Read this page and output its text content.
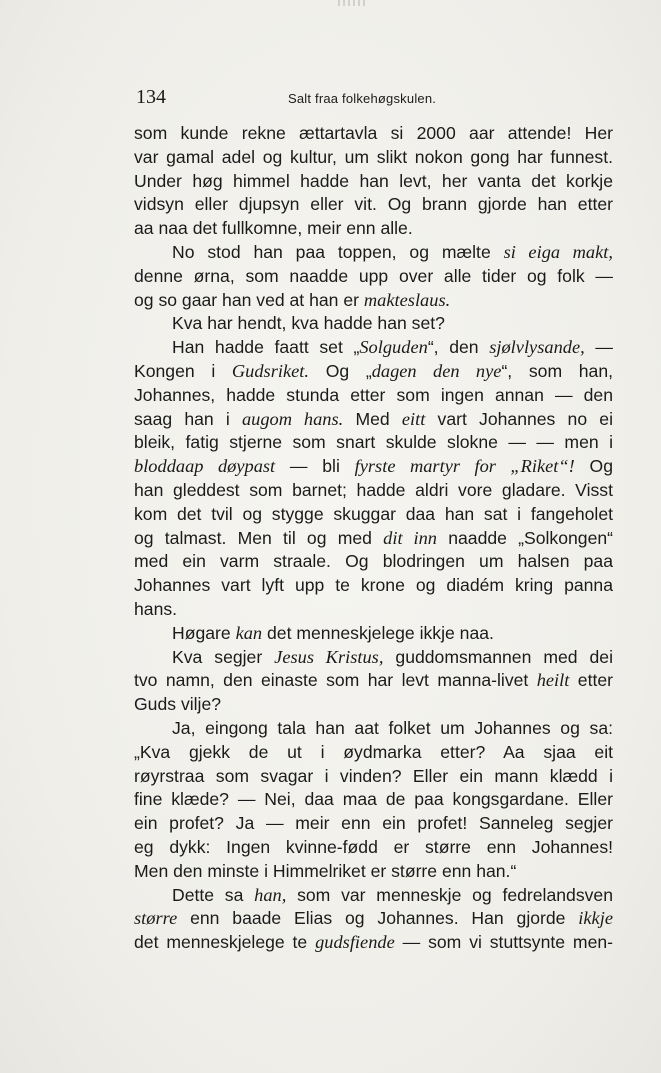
134	Salt fraa folkehøgskulen.
som kunde rekne ættartavla si 2000 aar attende! Her
var gamal adel og kultur, um slikt nokon gong har funnest.
Under høg himmel hadde han levt, her vanta det korkje
vidsyn eller djupsyn eller vit. Og brann gjorde han etter
aa naa det fullkomne, meir enn alle.
No stod han paa toppen, og mælte si eiga makt,
denne ørna, som naadde upp over alle tider og folk —
og so gaar han ved at han er makteslaus.
Kva har hendt, kva hadde han set?
Han hadde faatt set „Solguden“, den sjølvlysande, —
Kongen i Gudsriket. Og „dagen den nye“, som han,
Johannes, hadde stunda etter som ingen annan — den
saag han i augom hans. Med eitt vart Johannes no ei
bleik, fatig stjerne som snart skulde slokne — — men i
bloddaap døypast — bli fyrste martyr for „Riket“! Og
han gleddest som barnet; hadde aldri vore gladare. Visst
kom det tvil og stygge skuggar daa han sat i fangeholet
og talmast. Men til og med dit inn naadde „Solkongen“
med ein varm straale. Og blodringen um halsen paa
Johannes vart lyft upp te krone og diadém kring panna
hans.
Høgare kan det menneskjelege ikkje naa.
Kva segjer Jesus Kristus, guddomsmannen med dei
tvo namn, den einaste som har levt manna-livet heilt etter
Guds vilje?
Ja, eingong tala han aat folket um Johannes og sa:
„Kva gjekk de ut i øydmarka etter? Aa sjaa eit
røyrstraa som svagar i vinden? Eller ein mann klædd i
fine klæde? — Nei, daa maa de paa kongsgardane. Eller
ein profet? Ja — meir enn ein profet! Sanneleg segjer
eg dykk: Ingen kvinne-fødd er større enn Johannes!
Men den minste i Himmelriket er større enn han.“
Dette sa han, som var menneskje og fedrelandsven
større enn baade Elias og Johannes. Han gjorde ikkje
det menneskjelege te gudsfiende — som vi stuttsynte men-
